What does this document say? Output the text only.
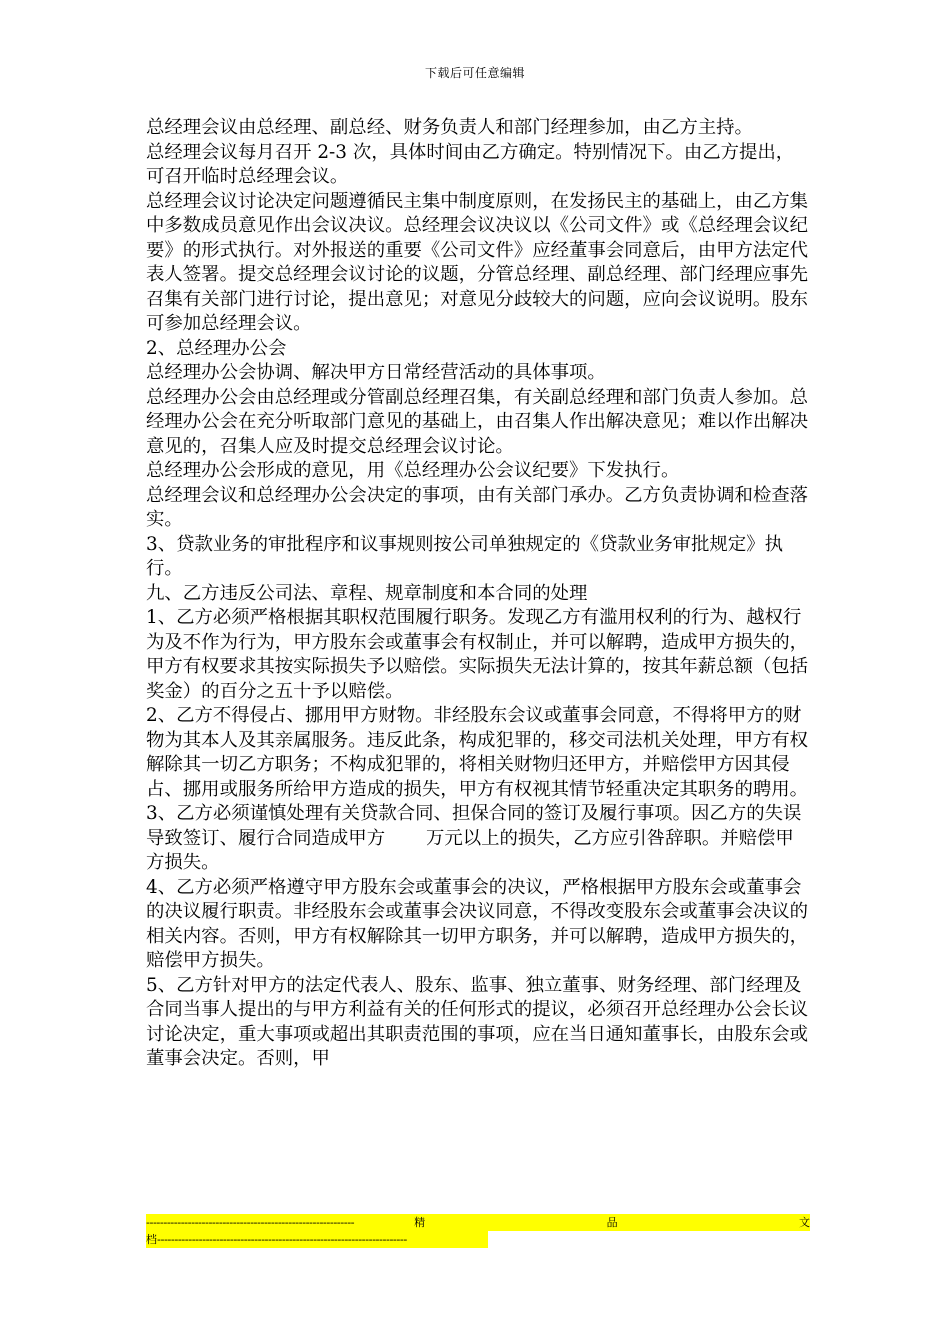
下载后可任意编辑

总经理会议由总经理、副总经、财务负责人和部门经理参加，由乙方主持。

总经理会议每月召开 2-3 次，具体时间由乙方确定。特别情况下。由乙方提出，可召开临时总经理会议。

总经理会议讨论决定问题遵循民主集中制度原则，在发扬民主的基础上，由乙方集中多数成员意见作出会议决议。总经理会议决议以《公司文件》或《总经理会议纪要》的形式执行。对外报送的重要《公司文件》应经董事会同意后，由甲方法定代表人签署。提交总经理会议讨论的议题，分管总经理、副总经理、部门经理应事先召集有关部门进行讨论，提出意见；对意见分歧较大的问题，应向会议说明。股东可参加总经理会议。

2、总经理办公会

总经理办公会协调、解决甲方日常经营活动的具体事项。

总经理办公会由总经理或分管副总经理召集，有关副总经理和部门负责人参加。总经理办公会在充分听取部门意见的基础上，由召集人作出解决意见；难以作出解决意见的，召集人应及时提交总经理会议讨论。

总经理办公会形成的意见，用《总经理办公会议纪要》下发执行。

总经理会议和总经理办公会决定的事项，由有关部门承办。乙方负责协调和检查落实。

3、贷款业务的审批程序和议事规则按公司单独规定的《贷款业务审批规定》执行。

九、乙方违反公司法、章程、规章制度和本合同的处理

1、乙方必须严格根据其职权范围履行职务。发现乙方有滥用权利的行为、越权行为及不作为行为，甲方股东会或董事会有权制止，并可以解聘，造成甲方损失的，甲方有权要求其按实际损失予以赔偿。实际损失无法计算的，按其年薪总额（包括奖金）的百分之五十予以赔偿。

2、乙方不得侵占、挪用甲方财物。非经股东会议或董事会同意，不得将甲方的财物为其本人及其亲属服务。违反此条，构成犯罪的，移交司法机关处理，甲方有权解除其一切乙方职务；不构成犯罪的，将相关财物归还甲方，并赔偿甲方因其侵占、挪用或服务所给甲方造成的损失，甲方有权视其情节轻重决定其职务的聘用。

3、乙方必须谨慎处理有关贷款合同、担保合同的签订及履行事项。因乙方的失误导致签订、履行合同造成甲方       万元以上的损失，乙方应引咎辞职。并赔偿甲方损失。

4、乙方必须严格遵守甲方股东会或董事会的决议，严格根据甲方股东会或董事会的决议履行职责。非经股东会或董事会决议同意，不得改变股东会或董事会决议的相关内容。否则，甲方有权解除其一切甲方职务，并可以解聘，造成甲方损失的，赔偿甲方损失。

5、乙方针对甲方的法定代表人、股东、监事、独立董事、财务经理、部门经理及合同当事人提出的与甲方利益有关的任何形式的提议，必须召开总经理办公会长议讨论决定，重大事项或超出其职责范围的事项，应在当日通知董事长，由股东会或董事会决定。否则，甲

------------------------------------------------------------	精	品	文
档 ------------------------------------------------------------------------
